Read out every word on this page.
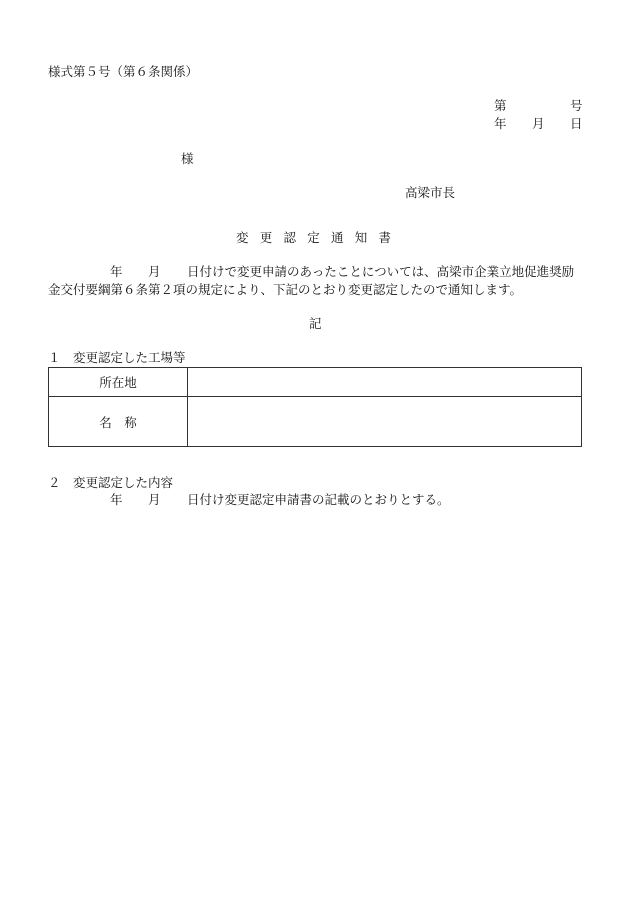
様式第５号（第６条関係）
第	号
年 月 日
様
高梁市長
変更認定通知書
年 月 日付けで変更申請のあったことについては、高梁市企業立地促進奨励
金交付要綱第６条第２項の規定により、下記のとおり変更認定したので通知します。
記
１　変更認定した工場等
所在地	
名　称	
２　変更認定した内容
年 月 日付け変更認定申請書の記載のとおりとする。
